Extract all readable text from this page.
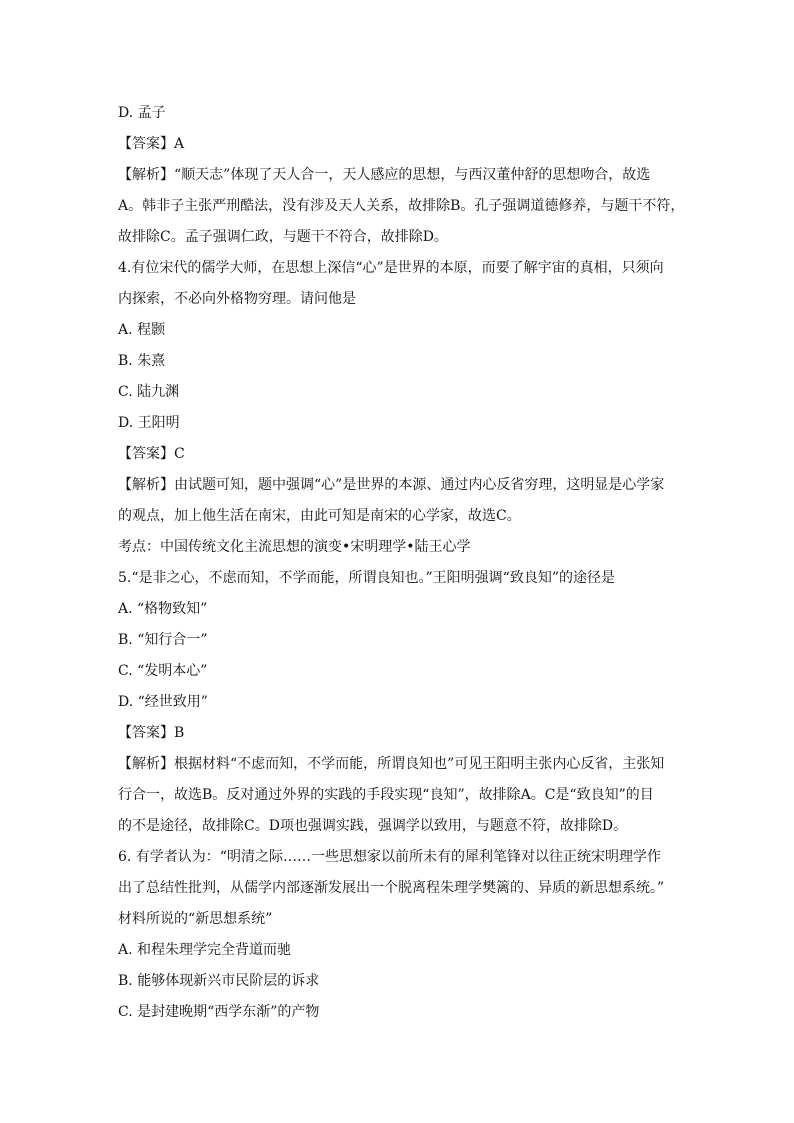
D. 孟子
【答案】A
【解析】“顺天志”体现了天人合一，天人感应的思想，与西汉董仲舒的思想吻合，故选
A。韩非子主张严刑酷法，没有涉及天人关系，故排除B。孔子强调道德修养，与题干不符，
故排除C。孟子强调仁政，与题干不符合，故排除D。
4.有位宋代的儒学大师，在思想上深信“心”是世界的本原，而要了解宇宙的真相，只须向
内探索，不必向外格物穷理。请问他是
A. 程颢
B. 朱熹
C. 陆九渊
D. 王阳明
【答案】C
【解析】由试题可知，题中强调“心”是世界的本源、通过内心反省穷理，这明显是心学家
的观点，加上他生活在南宋，由此可知是南宋的心学家，故选C。
考点：中国传统文化主流思想的演变•宋明理学•陆王心学
5.“是非之心，不虑而知，不学而能，所谓良知也。”王阳明强调“致良知”的途径是
A. “格物致知”
B. “知行合一”
C. “发明本心”
D. “经世致用”
【答案】B
【解析】根据材料“不虑而知，不学而能，所谓良知也”可见王阳明主张内心反省，主张知
行合一，故选B。反对通过外界的实践的手段实现“良知”，故排除A。C是“致良知”的目
的不是途径，故排除C。D项也强调实践，强调学以致用，与题意不符，故排除D。
6. 有学者认为：“明清之际……一些思想家以前所未有的犀利笔锋对以往正统宋明理学作
出了总结性批判，从儒学内部逐渐发展出一个脱离程朱理学樊篱的、异质的新思想系统。”
材料所说的“新思想系统”
A. 和程朱理学完全背道而驰
B. 能够体现新兴市民阶层的诉求
C. 是封建晚期“西学东渐”的产物
